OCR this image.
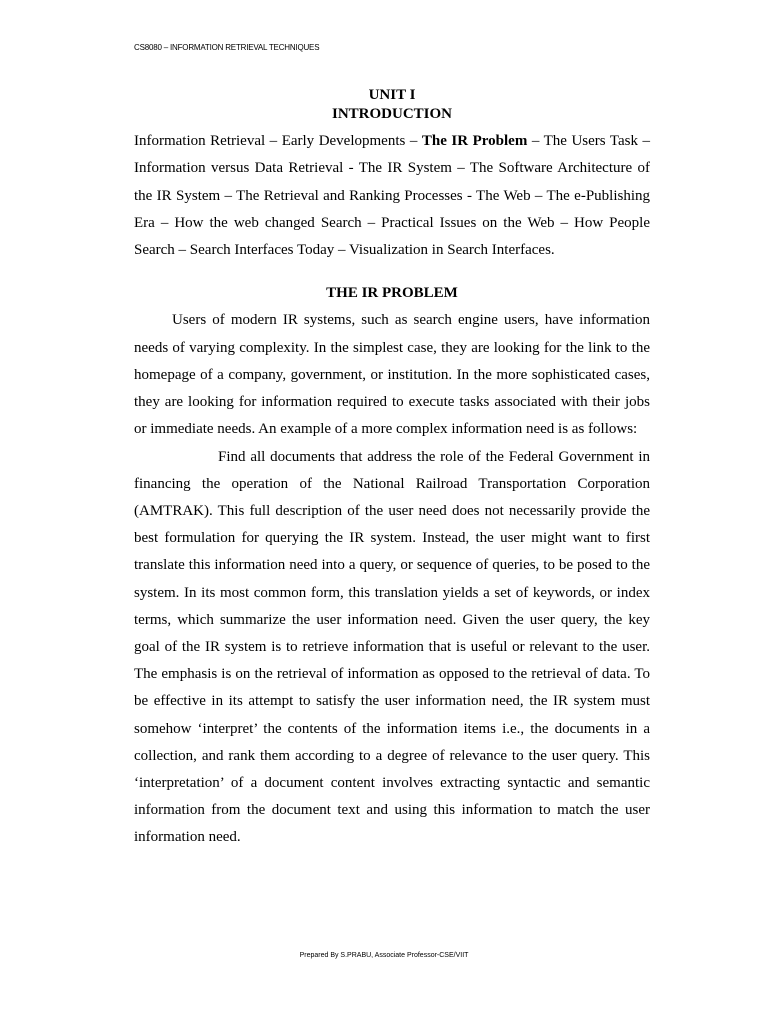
CS8080 – INFORMATION RETRIEVAL TECHNIQUES

UNIT I

INTRODUCTION

Information Retrieval – Early Developments – The IR Problem – The Users Task – Information versus Data Retrieval - The IR System – The Software Architecture of the IR System – The Retrieval and Ranking Processes - The Web – The e-Publishing Era – How the web changed Search – Practical Issues on the Web – How People Search – Search Interfaces Today – Visualization in Search Interfaces.

THE IR PROBLEM

Users of modern IR systems, such as search engine users, have information needs of varying complexity. In the simplest case, they are looking for the link to the homepage of a company, government, or institution. In the more sophisticated cases, they are looking for information required to execute tasks associated with their jobs or immediate needs. An example of a more complex information need is as follows:

Find all documents that address the role of the Federal Government in financing the operation of the National Railroad Transportation Corporation (AMTRAK). This full description of the user need does not necessarily provide the best formulation for querying the IR system. Instead, the user might want to first translate this information need into a query, or sequence of queries, to be posed to the system. In its most common form, this translation yields a set of keywords, or index terms, which summarize the user information need. Given the user query, the key goal of the IR system is to retrieve information that is useful or relevant to the user. The emphasis is on the retrieval of information as opposed to the retrieval of data. To be effective in its attempt to satisfy the user information need, the IR system must somehow ‘interpret’ the contents of the information items i.e., the documents in a collection, and rank them according to a degree of relevance to the user query. This ‘interpretation’ of a document content involves extracting syntactic and semantic information from the document text and using this information to match the user information need.

Prepared By S.PRABU, Associate Professor-CSE/VIIT
